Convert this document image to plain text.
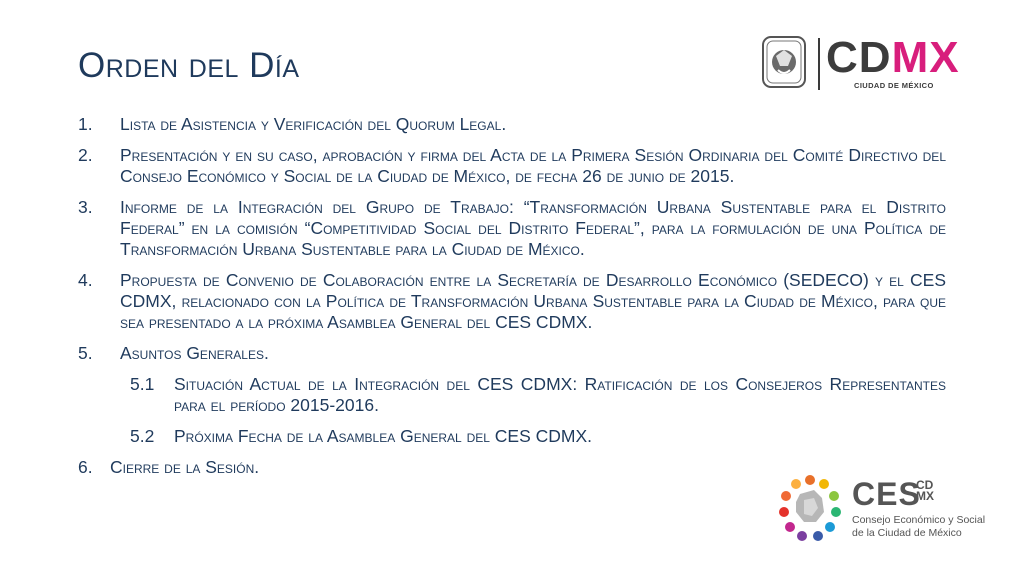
Orden del Día	CDMX
CIUDAD DE MÉXICO
1. Lista de Asistencia y Verificación del Quorum Legal.
2. Presentación y en su caso, aprobación y firma del Acta de la Primera Sesión Ordinaria del Comité Directivo del Consejo Económico y Social de la Ciudad de México, de fecha 26 de junio de 2015.
3. Informe de la Integración del Grupo de Trabajo: “Transformación Urbana Sustentable para el Distrito Federal” en la comisión “Competitividad Social del Distrito Federal”, para la formulación de una Política de Transformación Urbana Sustentable para la Ciudad de México.
4. Propuesta de Convenio de Colaboración entre la Secretaría de Desarrollo Económico (SEDECO) y el CES CDMX, relacionado con la Política de Transformación Urbana Sustentable para la Ciudad de México, para que sea presentado a la próxima Asamblea General del CES CDMX.
5. Asuntos Generales.
5.1 Situación Actual de la Integración del CES CDMX: Ratificación de los Consejeros Representantes para el período 2015-2016.
5.2 Próxima Fecha de la Asamblea General del CES CDMX.
6. Cierre de la Sesión.
CES
CD
MX
Consejo Económico y Social
de la Ciudad de México
